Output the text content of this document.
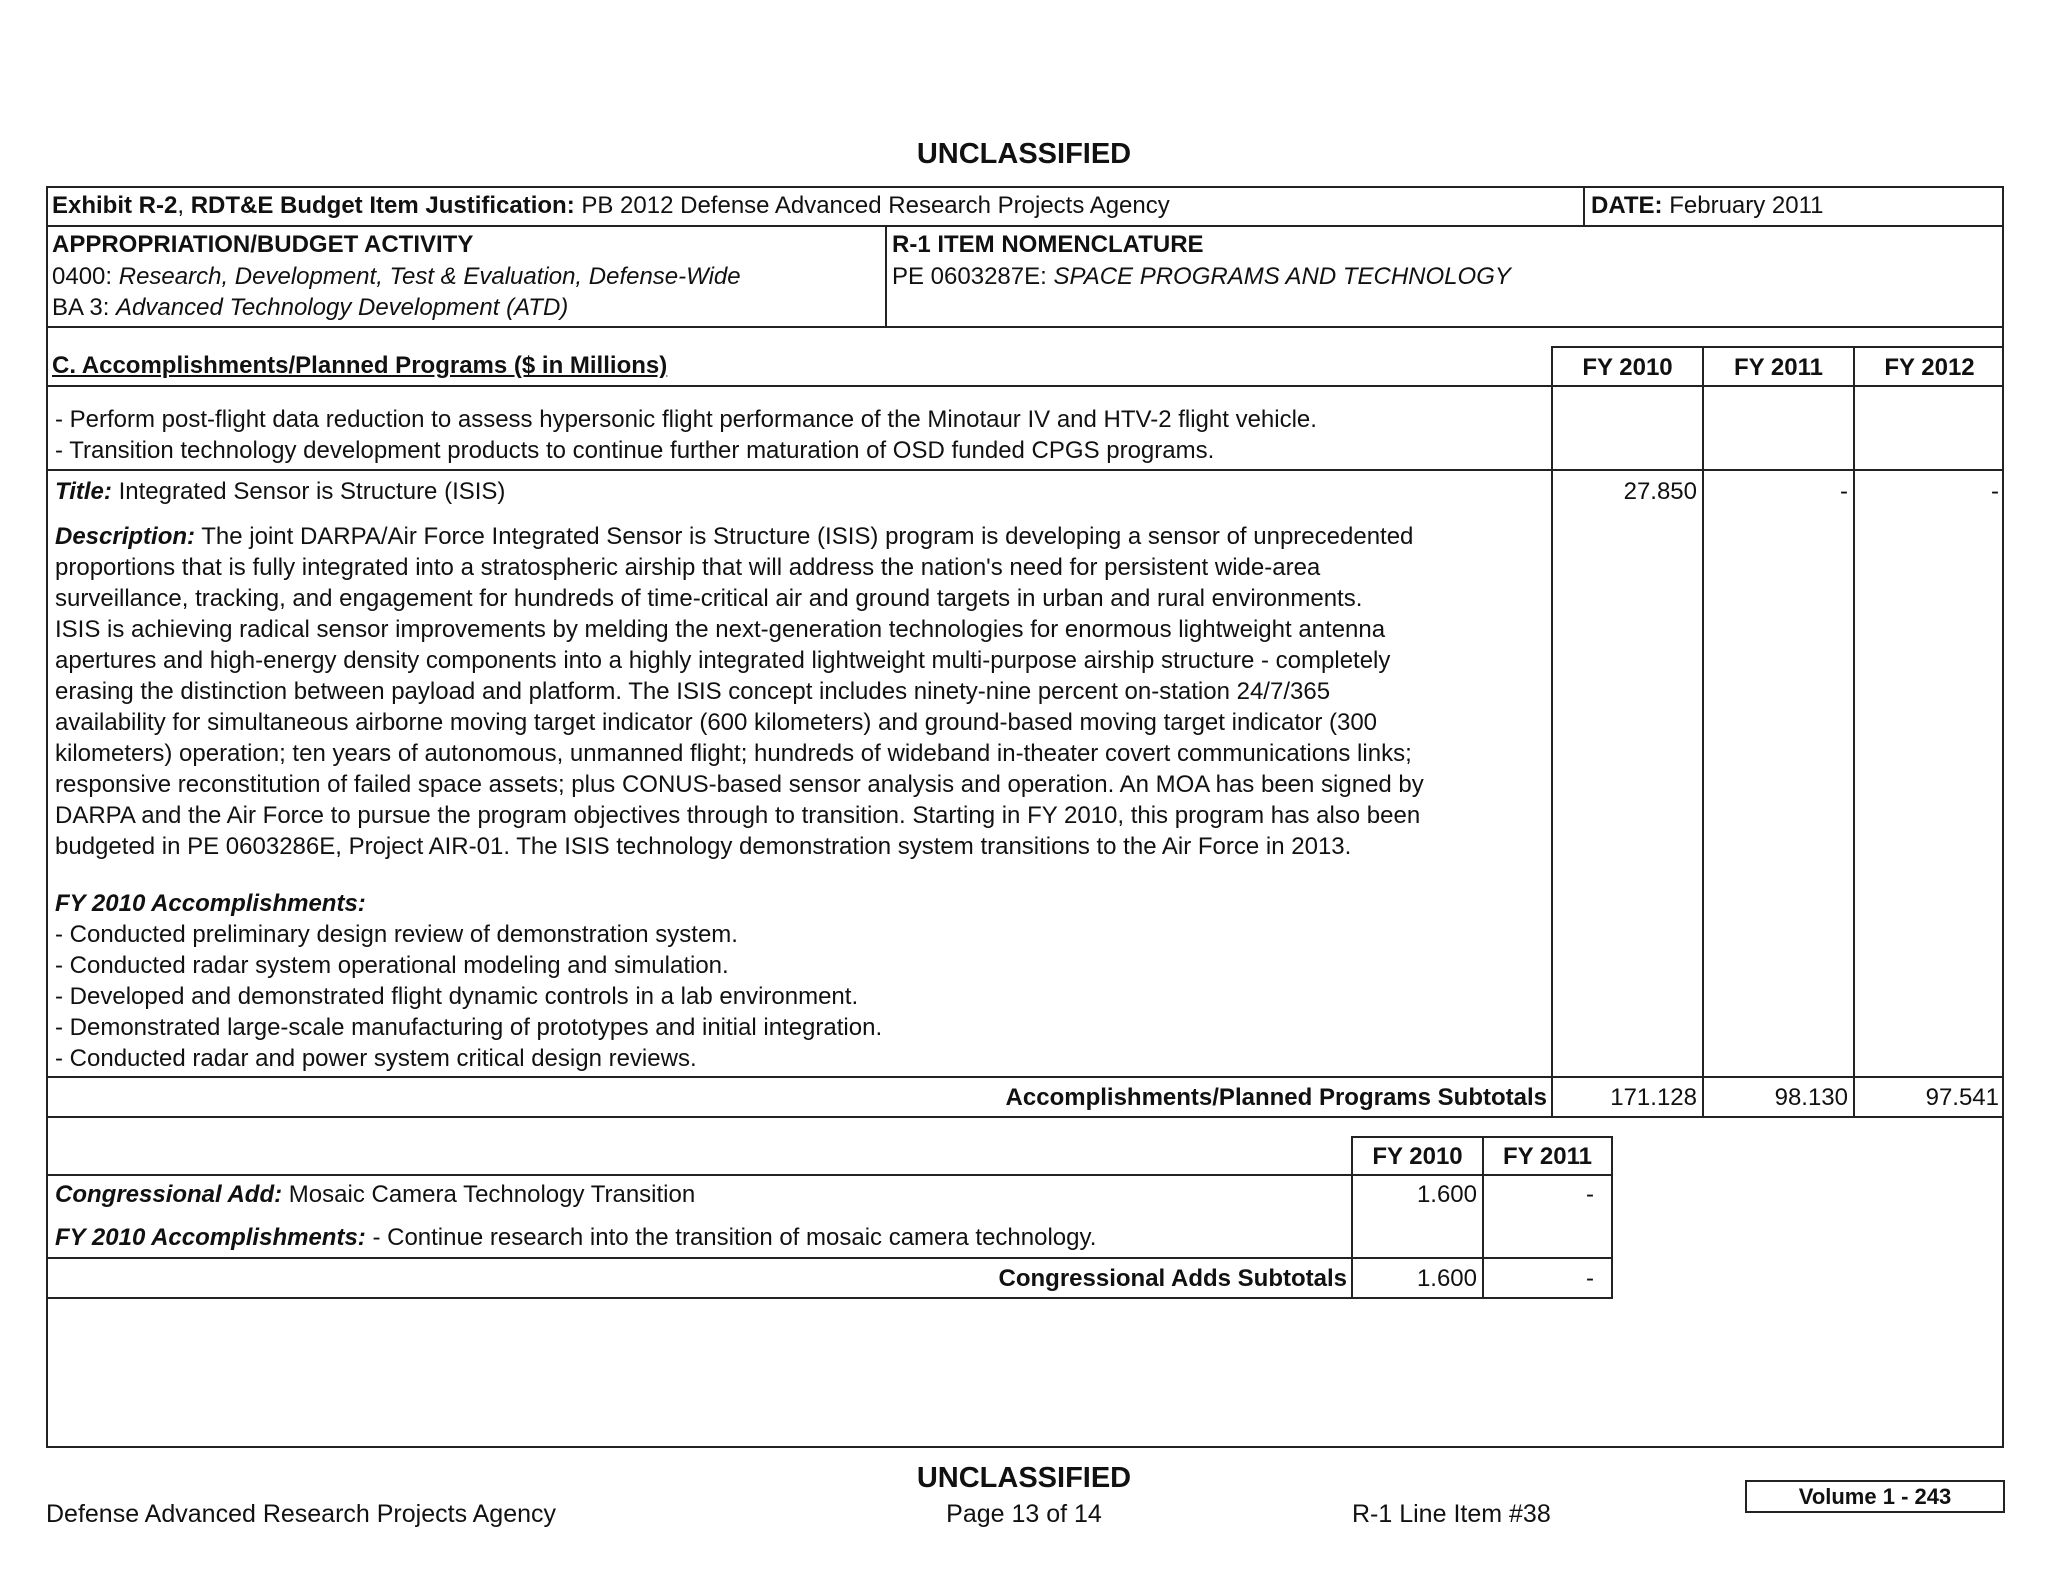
UNCLASSIFIED
Exhibit R-2, RDT&E Budget Item Justification: PB 2012 Defense Advanced Research Projects Agency	DATE: February 2011
APPROPRIATION/BUDGET ACTIVITY
0400: Research, Development, Test & Evaluation, Defense-Wide
BA 3: Advanced Technology Development (ATD)
R-1 ITEM NOMENCLATURE
PE 0603287E: SPACE PROGRAMS AND TECHNOLOGY
C. Accomplishments/Planned Programs ($ in Millions)	FY 2010	FY 2011	FY 2012
- Perform post-flight data reduction to assess hypersonic flight performance of the Minotaur IV and HTV-2 flight vehicle.
- Transition technology development products to continue further maturation of OSD funded CPGS programs.
Title: Integrated Sensor is Structure (ISIS)	27.850	-	-
Description: The joint DARPA/Air Force Integrated Sensor is Structure (ISIS) program is developing a sensor of unprecedented
proportions that is fully integrated into a stratospheric airship that will address the nation's need for persistent wide-area
surveillance, tracking, and engagement for hundreds of time-critical air and ground targets in urban and rural environments.
ISIS is achieving radical sensor improvements by melding the next-generation technologies for enormous lightweight antenna
apertures and high-energy density components into a highly integrated lightweight multi-purpose airship structure - completely
erasing the distinction between payload and platform. The ISIS concept includes ninety-nine percent on-station 24/7/365
availability for simultaneous airborne moving target indicator (600 kilometers) and ground-based moving target indicator (300
kilometers) operation; ten years of autonomous, unmanned flight; hundreds of wideband in-theater covert communications links;
responsive reconstitution of failed space assets; plus CONUS-based sensor analysis and operation. An MOA has been signed by
DARPA and the Air Force to pursue the program objectives through to transition. Starting in FY 2010, this program has also been
budgeted in PE 0603286E, Project AIR-01. The ISIS technology demonstration system transitions to the Air Force in 2013.
FY 2010 Accomplishments:
- Conducted preliminary design review of demonstration system.
- Conducted radar system operational modeling and simulation.
- Developed and demonstrated flight dynamic controls in a lab environment.
- Demonstrated large-scale manufacturing of prototypes and initial integration.
- Conducted radar and power system critical design reviews.
Accomplishments/Planned Programs Subtotals	171.128	98.130	97.541
FY 2010	FY 2011
Congressional Add: Mosaic Camera Technology Transition	1.600	-
FY 2010 Accomplishments: - Continue research into the transition of mosaic camera technology.
Congressional Adds Subtotals	1.600	-
UNCLASSIFIED
Defense Advanced Research Projects Agency	Page 13 of 14	R-1 Line Item #38
Volume 1 - 243
